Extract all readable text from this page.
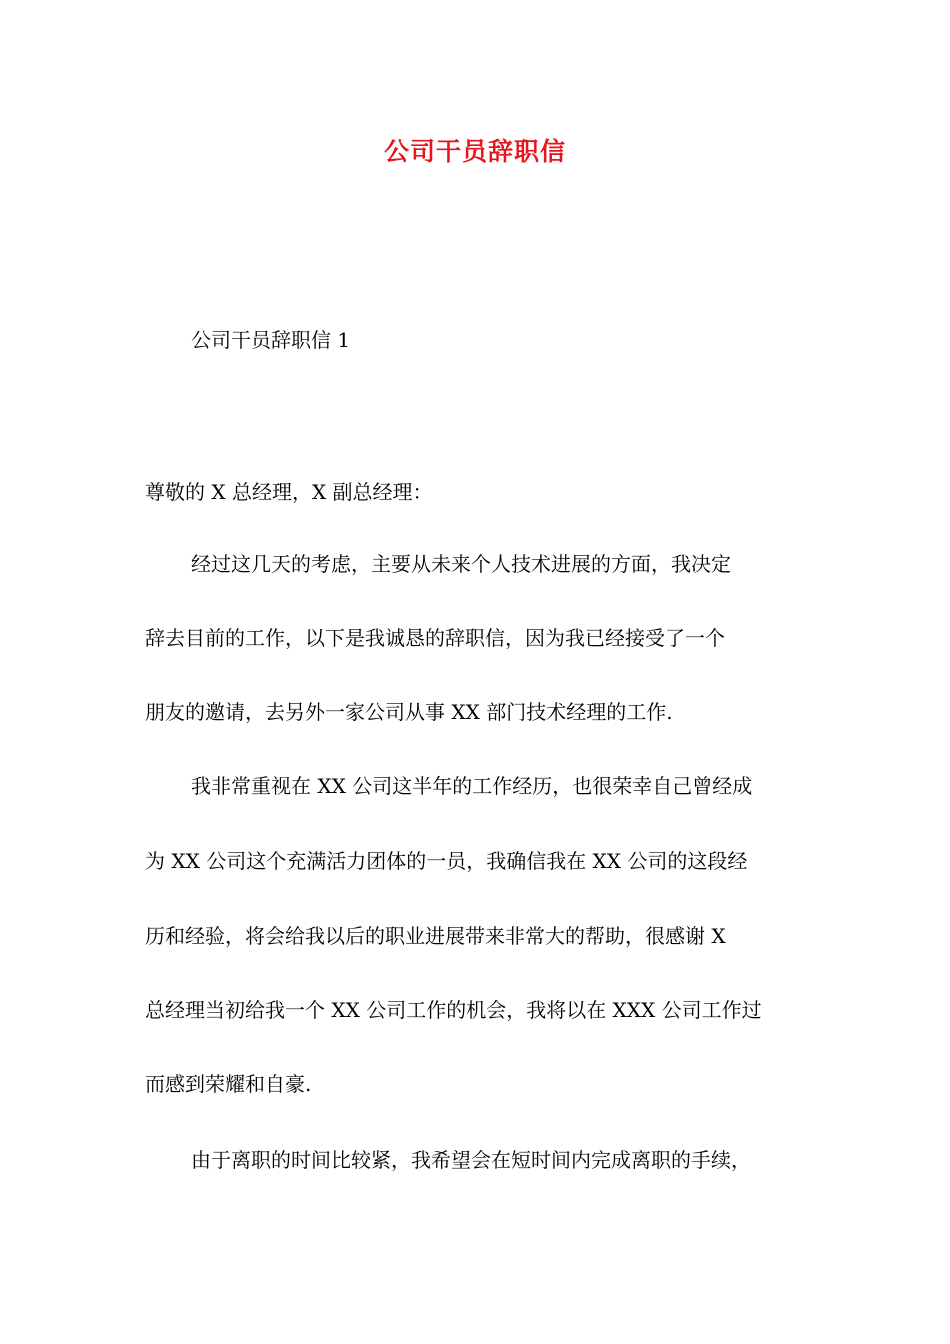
公司干员辞职信

公司干员辞职信 1

尊敬的 X 总经理，X 副总经理：

经过这几天的考虑，主要从未来个人技术进展的方面，我决定

辞去目前的工作，以下是我诚恳的辞职信，因为我已经接受了一个

朋友的邀请，去另外一家公司从事 XX 部门技术经理的工作.

我非常重视在 XX 公司这半年的工作经历，也很荣幸自己曾经成

为 XX 公司这个充满活力团体的一员，我确信我在 XX 公司的这段经

历和经验，将会给我以后的职业进展带来非常大的帮助，很感谢 X

总经理当初给我一个 XX 公司工作的机会，我将以在 XXX 公司工作过

而感到荣耀和自豪.

由于离职的时间比较紧，我希望会在短时间内完成离职的手续，
